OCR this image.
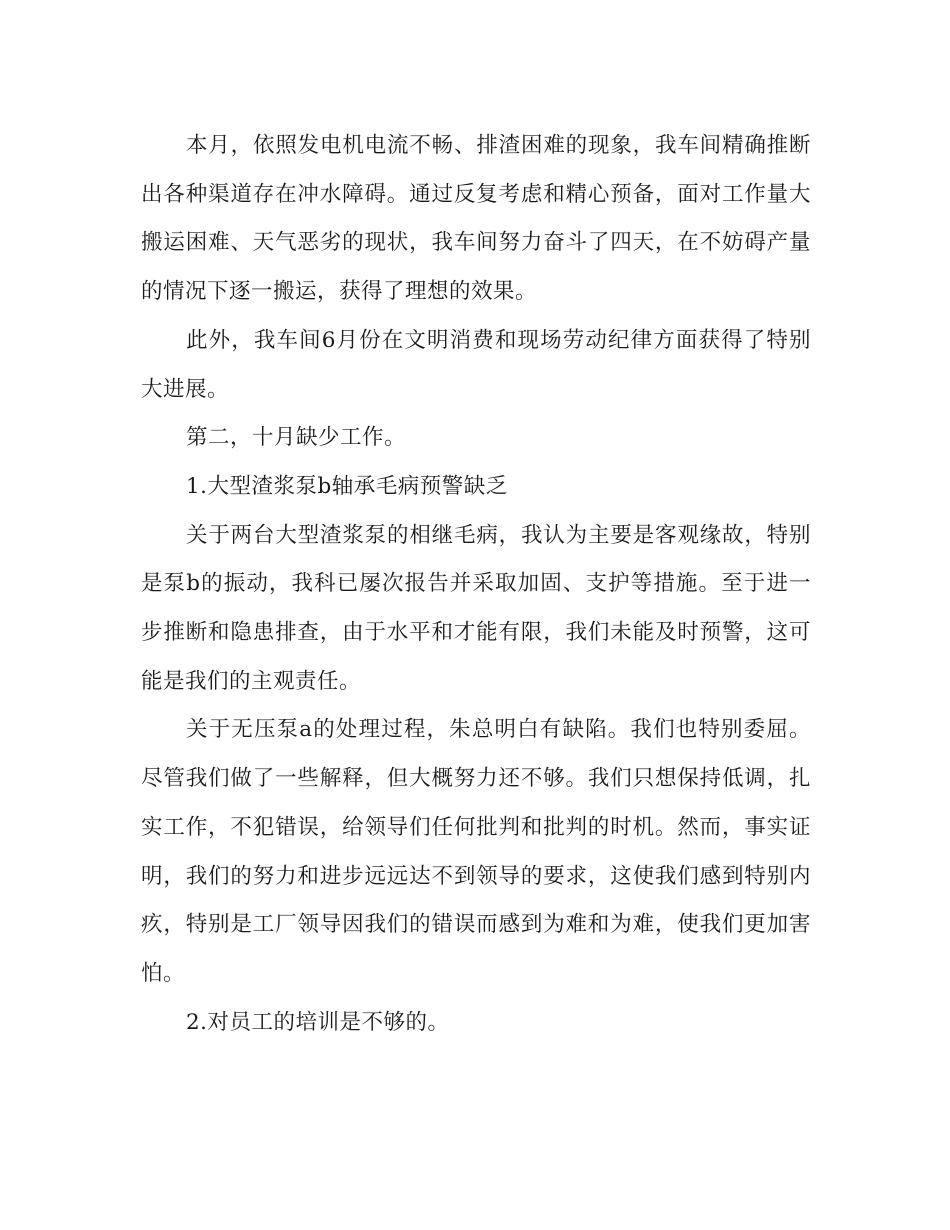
本月，依照发电机电流不畅、排渣困难的现象，我车间精确推断出各种渠道存在冲水障碍。通过反复考虑和精心预备，面对工作量大搬运困难、天气恶劣的现状，我车间努力奋斗了四天，在不妨碍产量的情况下逐一搬运，获得了理想的效果。

此外，我车间6月份在文明消费和现场劳动纪律方面获得了特别大进展。

第二，十月缺少工作。

1.大型渣浆泵b轴承毛病预警缺乏

关于两台大型渣浆泵的相继毛病，我认为主要是客观缘故，特别是泵b的振动，我科已屡次报告并采取加固、支护等措施。至于进一步推断和隐患排查，由于水平和才能有限，我们未能及时预警，这可能是我们的主观责任。

关于无压泵a的处理过程，朱总明白有缺陷。我们也特别委屈。尽管我们做了一些解释，但大概努力还不够。我们只想保持低调，扎实工作，不犯错误，给领导们任何批判和批判的时机。然而，事实证明，我们的努力和进步远远达不到领导的要求，这使我们感到特别内疚，特别是工厂领导因我们的错误而感到为难和为难，使我们更加害怕。

2.对员工的培训是不够的。
